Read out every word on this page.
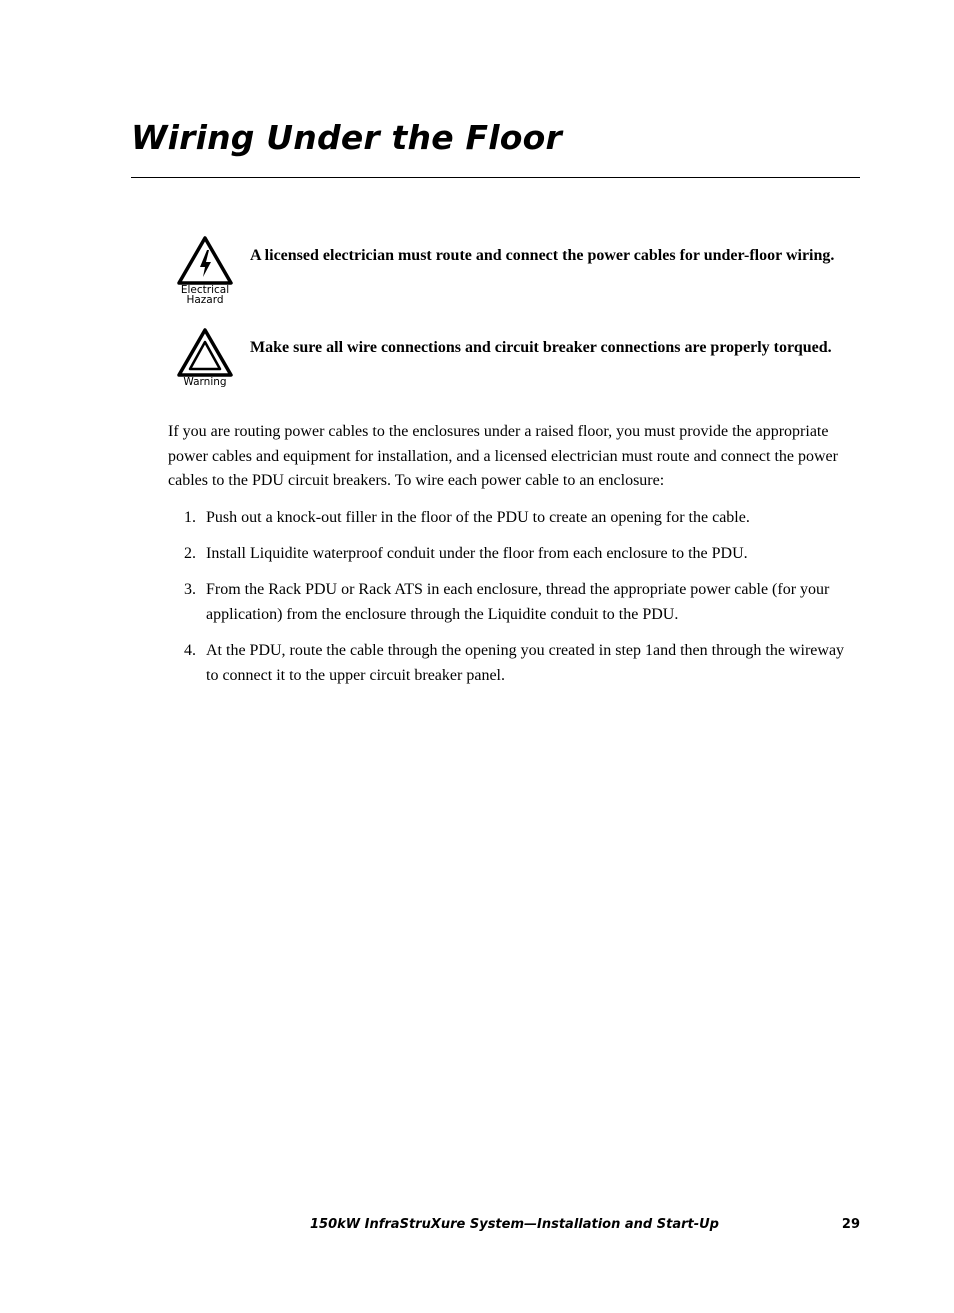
Wiring Under the Floor
Electrical
Hazard
A licensed electrician must route and connect the power cables for under-floor wiring.
Warning
Make sure all wire connections and circuit breaker connections are properly torqued.

If you are routing power cables to the enclosures under a raised floor, you must provide the appropriate power cables and equipment for installation, and a licensed electrician must route and connect the power cables to the PDU circuit breakers. To wire each power cable to an enclosure:

1. Push out a knock-out filler in the floor of the PDU to create an opening for the cable.
2. Install Liquidite waterproof conduit under the floor from each enclosure to the PDU.
3. From the Rack PDU or Rack ATS in each enclosure, thread the appropriate power cable (for your application) from the enclosure through the Liquidite conduit to the PDU.
4. At the PDU, route the cable through the opening you created in step 1and then through the wireway to connect it to the upper circuit breaker panel.
150kW InfraStruXure System—Installation and Start-Up	29
